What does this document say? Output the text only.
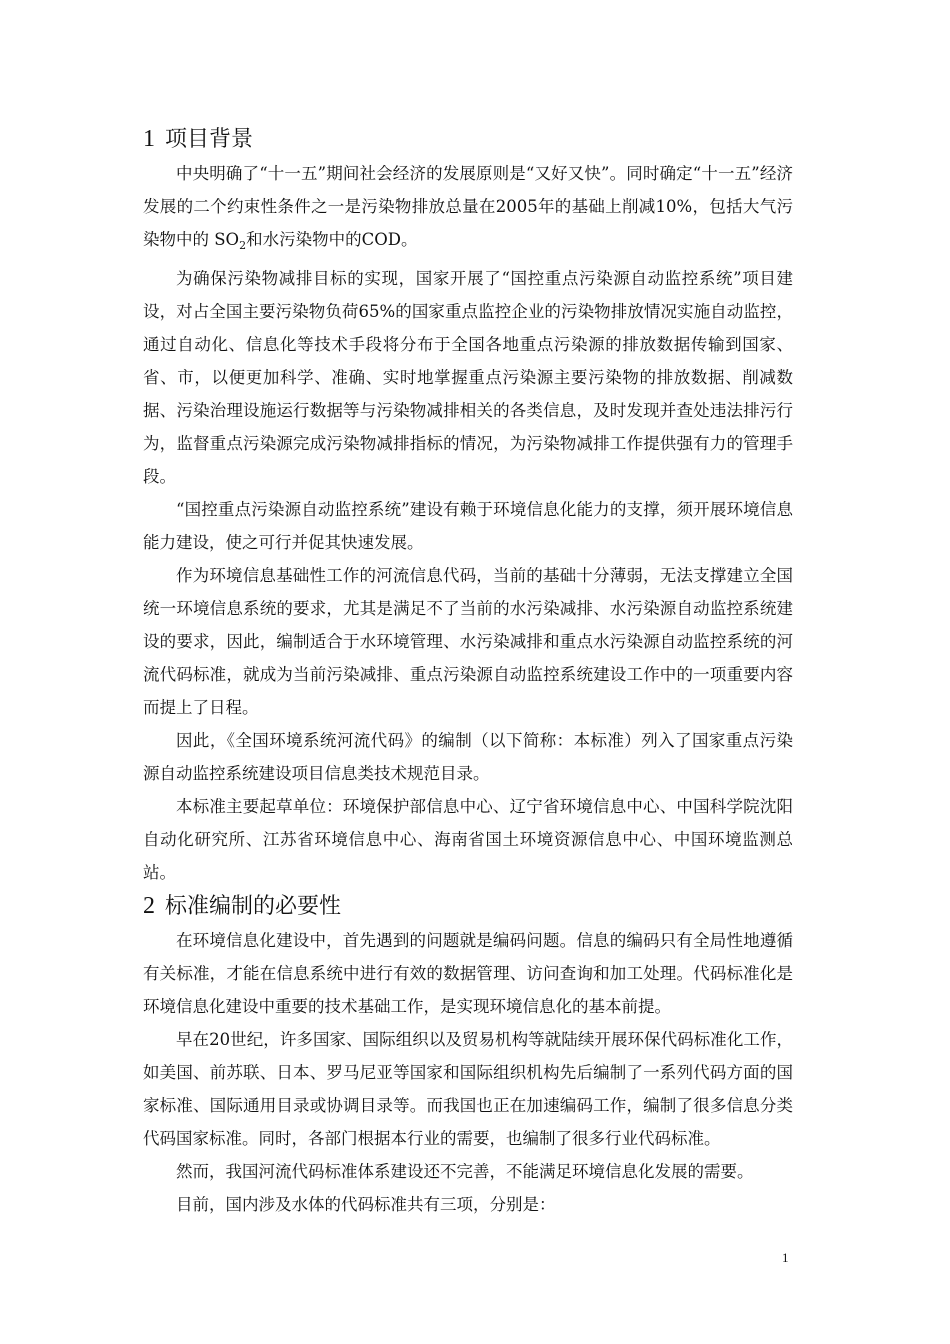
1 项目背景

中央明确了“十一五”期间社会经济的发展原则是“又好又快”。同时确定“十一五”经济发展的二个约束性条件之一是污染物排放总量在2005年的基础上削减10%，包括大气污染物中的 $SO_2$和水污染物中的COD。

为确保污染物减排目标的实现，国家开展了“国控重点污染源自动监控系统”项目建设，对占全国主要污染物负荷65%的国家重点监控企业的污染物排放情况实施自动监控，通过自动化、信息化等技术手段将分布于全国各地重点污染源的排放数据传输到国家、省、市，以便更加科学、准确、实时地掌握重点污染源主要污染物的排放数据、削减数据、污染治理设施运行数据等与污染物减排相关的各类信息，及时发现并查处违法排污行为，监督重点污染源完成污染物减排指标的情况，为污染物减排工作提供强有力的管理手段。

“国控重点污染源自动监控系统”建设有赖于环境信息化能力的支撑，须开展环境信息能力建设，使之可行并促其快速发展。

作为环境信息基础性工作的河流信息代码，当前的基础十分薄弱，无法支撑建立全国统一环境信息系统的要求，尤其是满足不了当前的水污染减排、水污染源自动监控系统建设的要求，因此，编制适合于水环境管理、水污染减排和重点水污染源自动监控系统的河流代码标准，就成为当前污染减排、重点污染源自动监控系统建设工作中的一项重要内容而提上了日程。

因此，《全国环境系统河流代码》的编制（以下简称：本标准）列入了国家重点污染源自动监控系统建设项目信息类技术规范目录。

本标准主要起草单位：环境保护部信息中心、辽宁省环境信息中心、中国科学院沈阳自动化研究所、江苏省环境信息中心、海南省国土环境资源信息中心、中国环境监测总站。

2 标准编制的必要性

在环境信息化建设中，首先遇到的问题就是编码问题。信息的编码只有全局性地遵循有关标准，才能在信息系统中进行有效的数据管理、访问查询和加工处理。代码标准化是环境信息化建设中重要的技术基础工作，是实现环境信息化的基本前提。

早在20世纪，许多国家、国际组织以及贸易机构等就陆续开展环保代码标准化工作，如美国、前苏联、日本、罗马尼亚等国家和国际组织机构先后编制了一系列代码方面的国家标准、国际通用目录或协调目录等。而我国也正在加速编码工作，编制了很多信息分类代码国家标准。同时，各部门根据本行业的需要，也编制了很多行业代码标准。

然而，我国河流代码标准体系建设还不完善，不能满足环境信息化发展的需要。

目前，国内涉及水体的代码标准共有三项，分别是：

1
